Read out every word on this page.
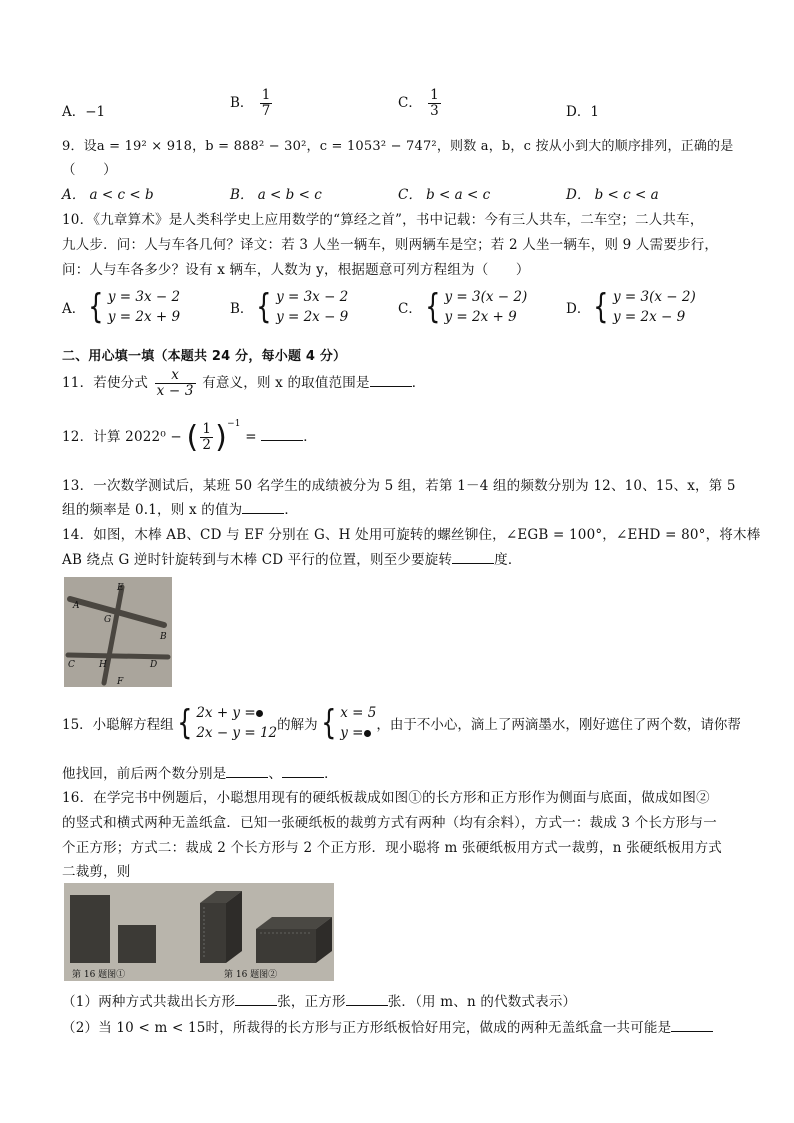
A．−1
B． $\frac{1}{7}$	C． $\frac{1}{3}$	D．1
9．设a = 19² × 918，b = 888² − 30²，c = 1053² − 747²，则数 a，b，c 按从小到大的顺序排列，正确的是
（　　）
A． a < c < b	B． a < b < c	C． b < a < c	D． b < c < a
10．《九章算术》是人类科学史上应用数学的“算经之首”，书中记载：今有三人共车，二车空；二人共车，
九人步．问：人与车各几何？译文：若 3 人坐一辆车，则两辆车是空；若 2 人坐一辆车，则 9 人需要步行，
问：人与车各多少？设有 x 辆车，人数为 y，根据题意可列方程组为（　　）
A． { y = 3x − 2
y = 2x + 9	B． { y = 3x − 2
y = 2x − 9	C． { y = 3(x − 2)
y = 2x + 9	D． { y = 3(x − 2)
y = 2x − 9
二、用心填一填（本题共 24 分，每小题 4 分）
11．若使分式 $\frac{x}{x - 3}$ 有意义，则 x 的取值范围是	．
12．计算 2022⁰ − ( $\frac{1}{2} )^{-1}$ =	．
13．一次数学测试后，某班 50 名学生的成绩被分为 5 组，若第 1－4 组的频数分别为 12、10、15、x，第 5
组的频率是 0.1，则 x 的值为	．
14．如图，木棒 AB、CD 与 EF 分别在 G、H 处用可旋转的螺丝铆住，∠EGB = 100°，∠EHD = 80°，将木棒
AB 绕点 G 逆时针旋转到与木棒 CD 平行的位置，则至少要旋转	度．
E
A
G
B
C	H	D
F
15．小聪解方程组 { 2x + y =
2x − y = 12 的解为 { x = 5
y = ，由于不小心，滴上了两滴墨水，刚好遮住了两个数，请你帮
他找回，前后两个数分别是	、	．
16．在学完书中例题后，小聪想用现有的硬纸板裁成如图①的长方形和正方形作为侧面与底面，做成如图②
的竖式和横式两种无盖纸盒．已知一张硬纸板的裁剪方式有两种（均有余料），方式一：裁成 3 个长方形与一
个正方形；方式二：裁成 2 个长方形与 2 个正方形．现小聪将 m 张硬纸板用方式一裁剪，n 张硬纸板用方式
二裁剪，则
第 16 题图①	第 16 题图②
（1）两种方式共裁出长方形	张，正方形	张．（用 m、n 的代数式表示）
（2）当 10 < m < 15时，所裁得的长方形与正方形纸板恰好用完，做成的两种无盖纸盒一共可能是
